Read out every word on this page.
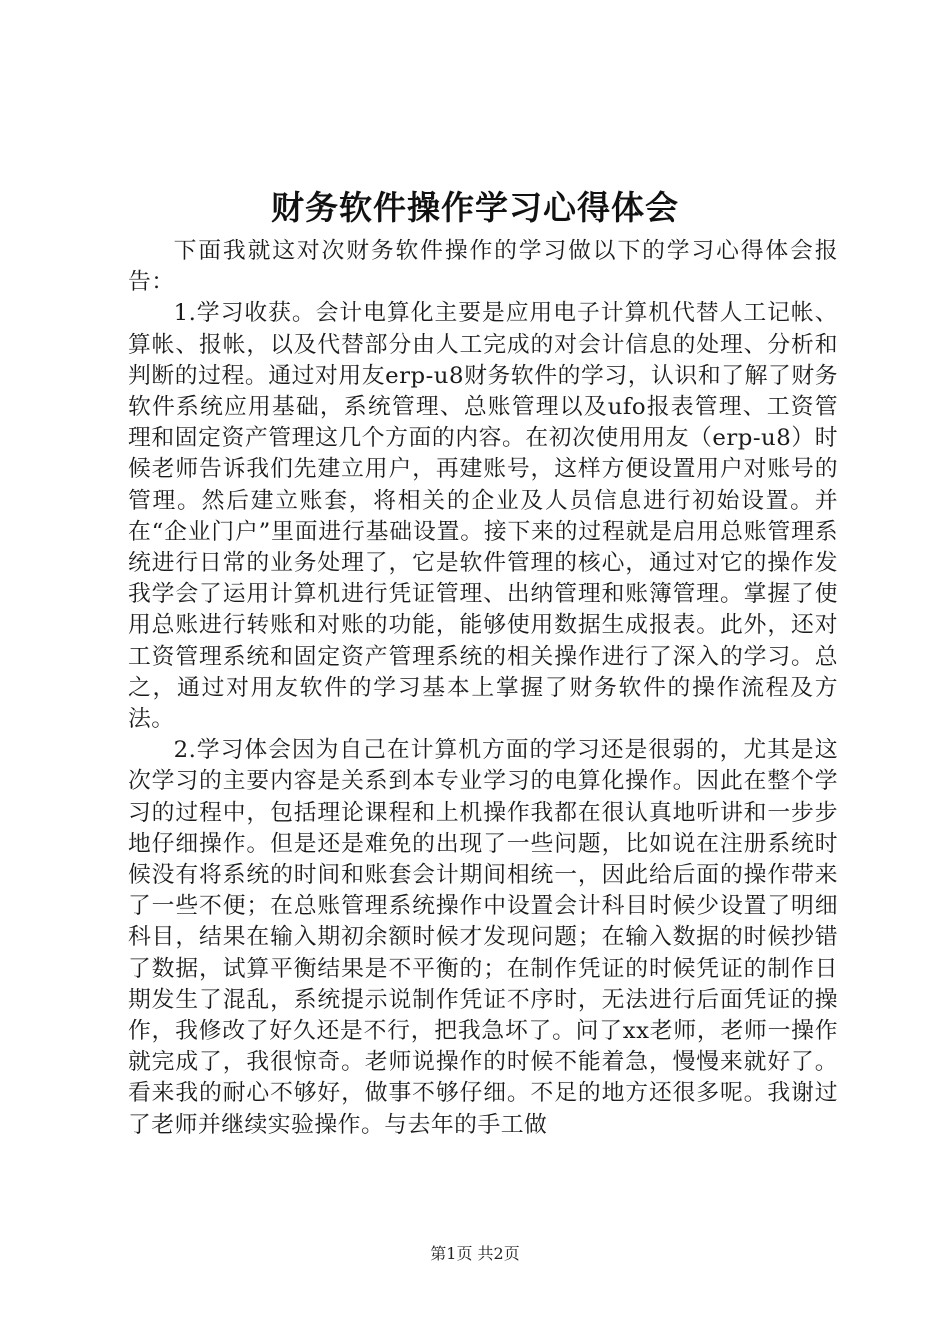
财务软件操作学习心得体会

下面我就这对次财务软件操作的学习做以下的学习心得体会报告：

1.学习收获。会计电算化主要是应用电子计算机代替人工记帐、算帐、报帐，以及代替部分由人工完成的对会计信息的处理、分析和判断的过程。通过对用友erp-u8财务软件的学习，认识和了解了财务软件系统应用基础，系统管理、总账管理以及ufo报表管理、工资管理和固定资产管理这几个方面的内容。在初次使用用友（erp-u8）时候老师告诉我们先建立用户，再建账号，这样方便设置用户对账号的管理。然后建立账套，将相关的企业及人员信息进行初始设置。并在“企业门户”里面进行基础设置。接下来的过程就是启用总账管理系统进行日常的业务处理了，它是软件管理的核心，通过对它的操作发我学会了运用计算机进行凭证管理、出纳管理和账簿管理。掌握了使用总账进行转账和对账的功能，能够使用数据生成报表。此外，还对工资管理系统和固定资产管理系统的相关操作进行了深入的学习。总之，通过对用友软件的学习基本上掌握了财务软件的操作流程及方法。

2.学习体会因为自己在计算机方面的学习还是很弱的，尤其是这次学习的主要内容是关系到本专业学习的电算化操作。因此在整个学习的过程中，包括理论课程和上机操作我都在很认真地听讲和一步步地仔细操作。但是还是难免的出现了一些问题，比如说在注册系统时候没有将系统的时间和账套会计期间相统一，因此给后面的操作带来了一些不便；在总账管理系统操作中设置会计科目时候少设置了明细科目，结果在输入期初余额时候才发现问题；在输入数据的时候抄错了数据，试算平衡结果是不平衡的；在制作凭证的时候凭证的制作日期发生了混乱，系统提示说制作凭证不序时，无法进行后面凭证的操作，我修改了好久还是不行，把我急坏了。问了xx老师，老师一操作就完成了，我很惊奇。老师说操作的时候不能着急，慢慢来就好了。看来我的耐心不够好，做事不够仔细。不足的地方还很多呢。我谢过了老师并继续实验操作。与去年的手工做

第1页 共2页
